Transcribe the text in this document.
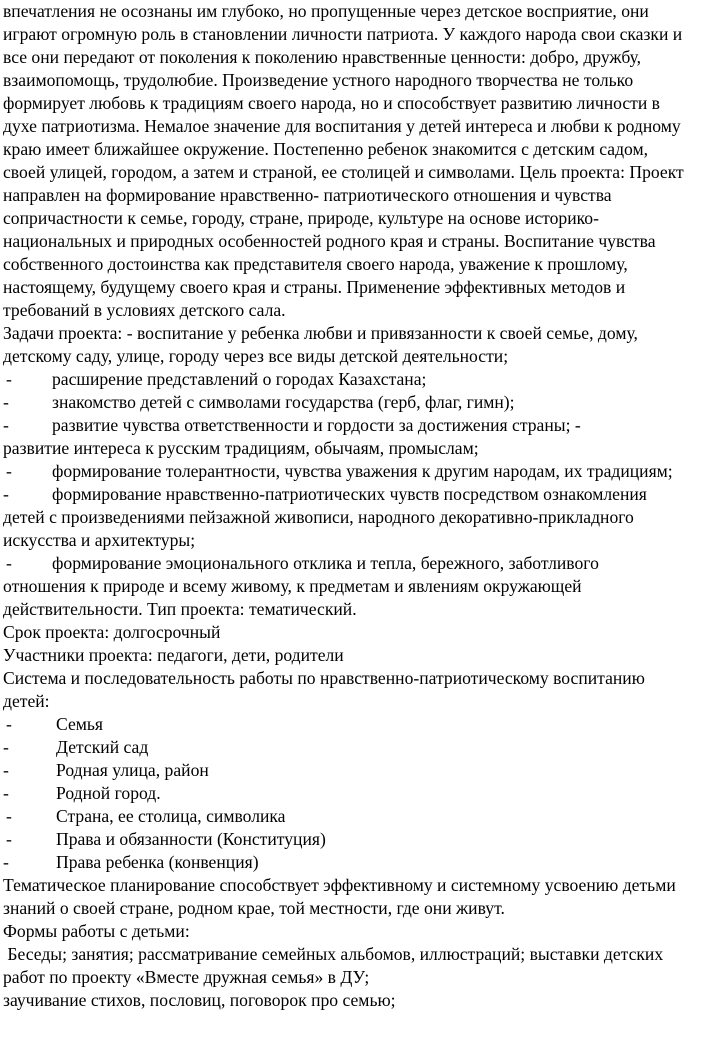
впечатления не осознаны им глубоко, но пропущенные через детское восприятие, они
играют огромную роль в становлении личности патриота. У каждого народа свои сказки и
все они передают от поколения к поколению нравственные ценности: добро, дружбу,
взаимопомощь, трудолюбие. Произведение устного народного творчества не только
формирует любовь к традициям своего народа, но и способствует развитию личности в
духе патриотизма. Немалое значение для воспитания у детей интереса и любви к родному
краю имеет ближайшее окружение. Постепенно ребенок знакомится с детским садом,
своей улицей, городом, а затем и страной, ее столицей и символами. Цель проекта: Проект
направлен на формирование нравственно- патриотического отношения и чувства
сопричастности к семье, городу, стране, природе, культуре на основе историко-
национальных и природных особенностей родного края и страны. Воспитание чувства
собственного достоинства как представителя своего народа, уважение к прошлому,
настоящему, будущему своего края и страны. Применение эффективных методов и
требований в условиях детского сала.
Задачи проекта: - воспитание у ребенка любви и привязанности к своей семье, дому,
детскому саду, улице, городу через все виды детской деятельности;
- расширение представлений о городах Казахстана;
- знакомство детей с символами государства (герб, флаг, гимн);
- развитие чувства ответственности и гордости за достижения страны; -
развитие интереса к русским традициям, обычаям, промыслам;
- формирование толерантности, чувства уважения к другим народам, их традициям;
- формирование нравственно-патриотических чувств посредством ознакомления
детей с произведениями пейзажной живописи, народного декоративно-прикладного
искусства и архитектуры;
- формирование эмоционального отклика и тепла, бережного, заботливого
отношения к природе и всему живому, к предметам и явлениям окружающей
действительности. Тип проекта: тематический.
Срок проекта: долгосрочный
Участники проекта: педагоги, дети, родители
Система и последовательность работы по нравственно-патриотическому воспитанию
детей:
-	Семья
-	Детский сад
-	Родная улица, район
-	Родной город.
-	Страна, ее столица, символика
-	Права и обязанности (Конституция)
-	Права ребенка (конвенция)
Тематическое планирование способствует эффективному и системному усвоению детьми
знаний о своей стране, родном крае, той местности, где они живут.
Формы работы с детьми:
Беседы; занятия; рассматривание семейных альбомов, иллюстраций; выставки детских
работ по проекту «Вместе дружная семья» в ДУ;
заучивание стихов, пословиц, поговорок про семью;
